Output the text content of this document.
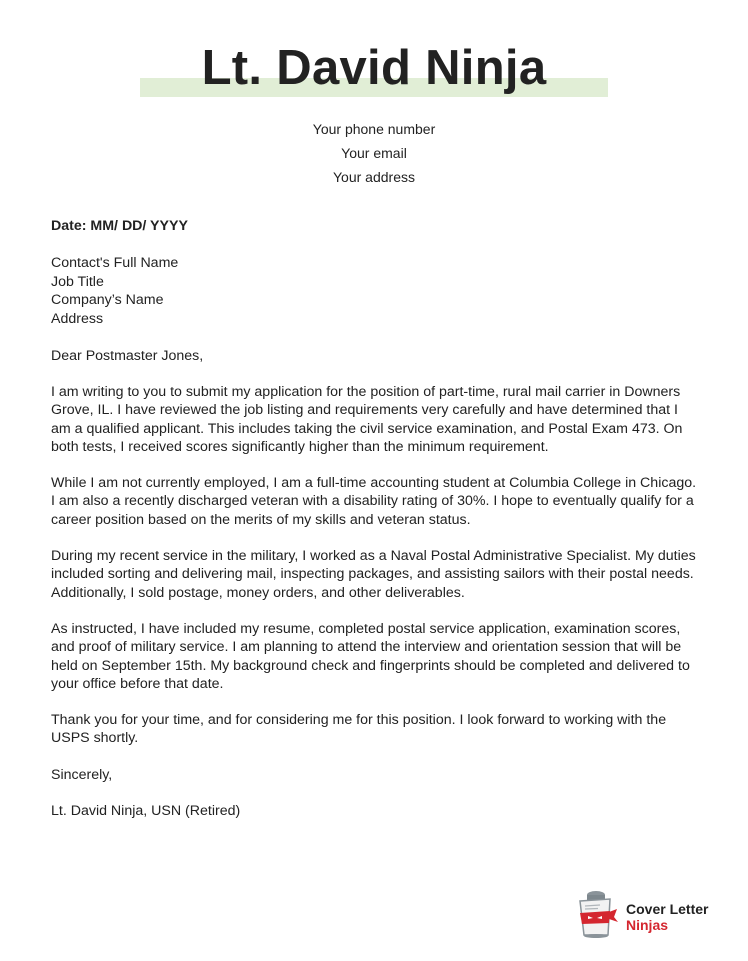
Lt. David Ninja
Your phone number
Your email
Your address
Date: MM/ DD/ YYYY
Contact's Full Name
Job Title
Company’s Name
Address
Dear Postmaster Jones,
I am writing to you to submit my application for the position of part-time, rural mail carrier in Downers Grove, IL. I have reviewed the job listing and requirements very carefully and have determined that I am a qualified applicant. This includes taking the civil service examination, and Postal Exam 473. On both tests, I received scores significantly higher than the minimum requirement.
While I am not currently employed, I am a full-time accounting student at Columbia College in Chicago. I am also a recently discharged veteran with a disability rating of 30%. I hope to eventually qualify for a career position based on the merits of my skills and veteran status.
During my recent service in the military, I worked as a Naval Postal Administrative Specialist. My duties included sorting and delivering mail, inspecting packages, and assisting sailors with their postal needs. Additionally, I sold postage, money orders, and other deliverables.
As instructed, I have included my resume, completed postal service application, examination scores, and proof of military service. I am planning to attend the interview and orientation session that will be held on September 15th. My background check and fingerprints should be completed and delivered to your office before that date.
Thank you for your time, and for considering me for this position. I look forward to working with the USPS shortly.
Sincerely,
Lt. David Ninja, USN (Retired)
Cover Letter
Ninjas
